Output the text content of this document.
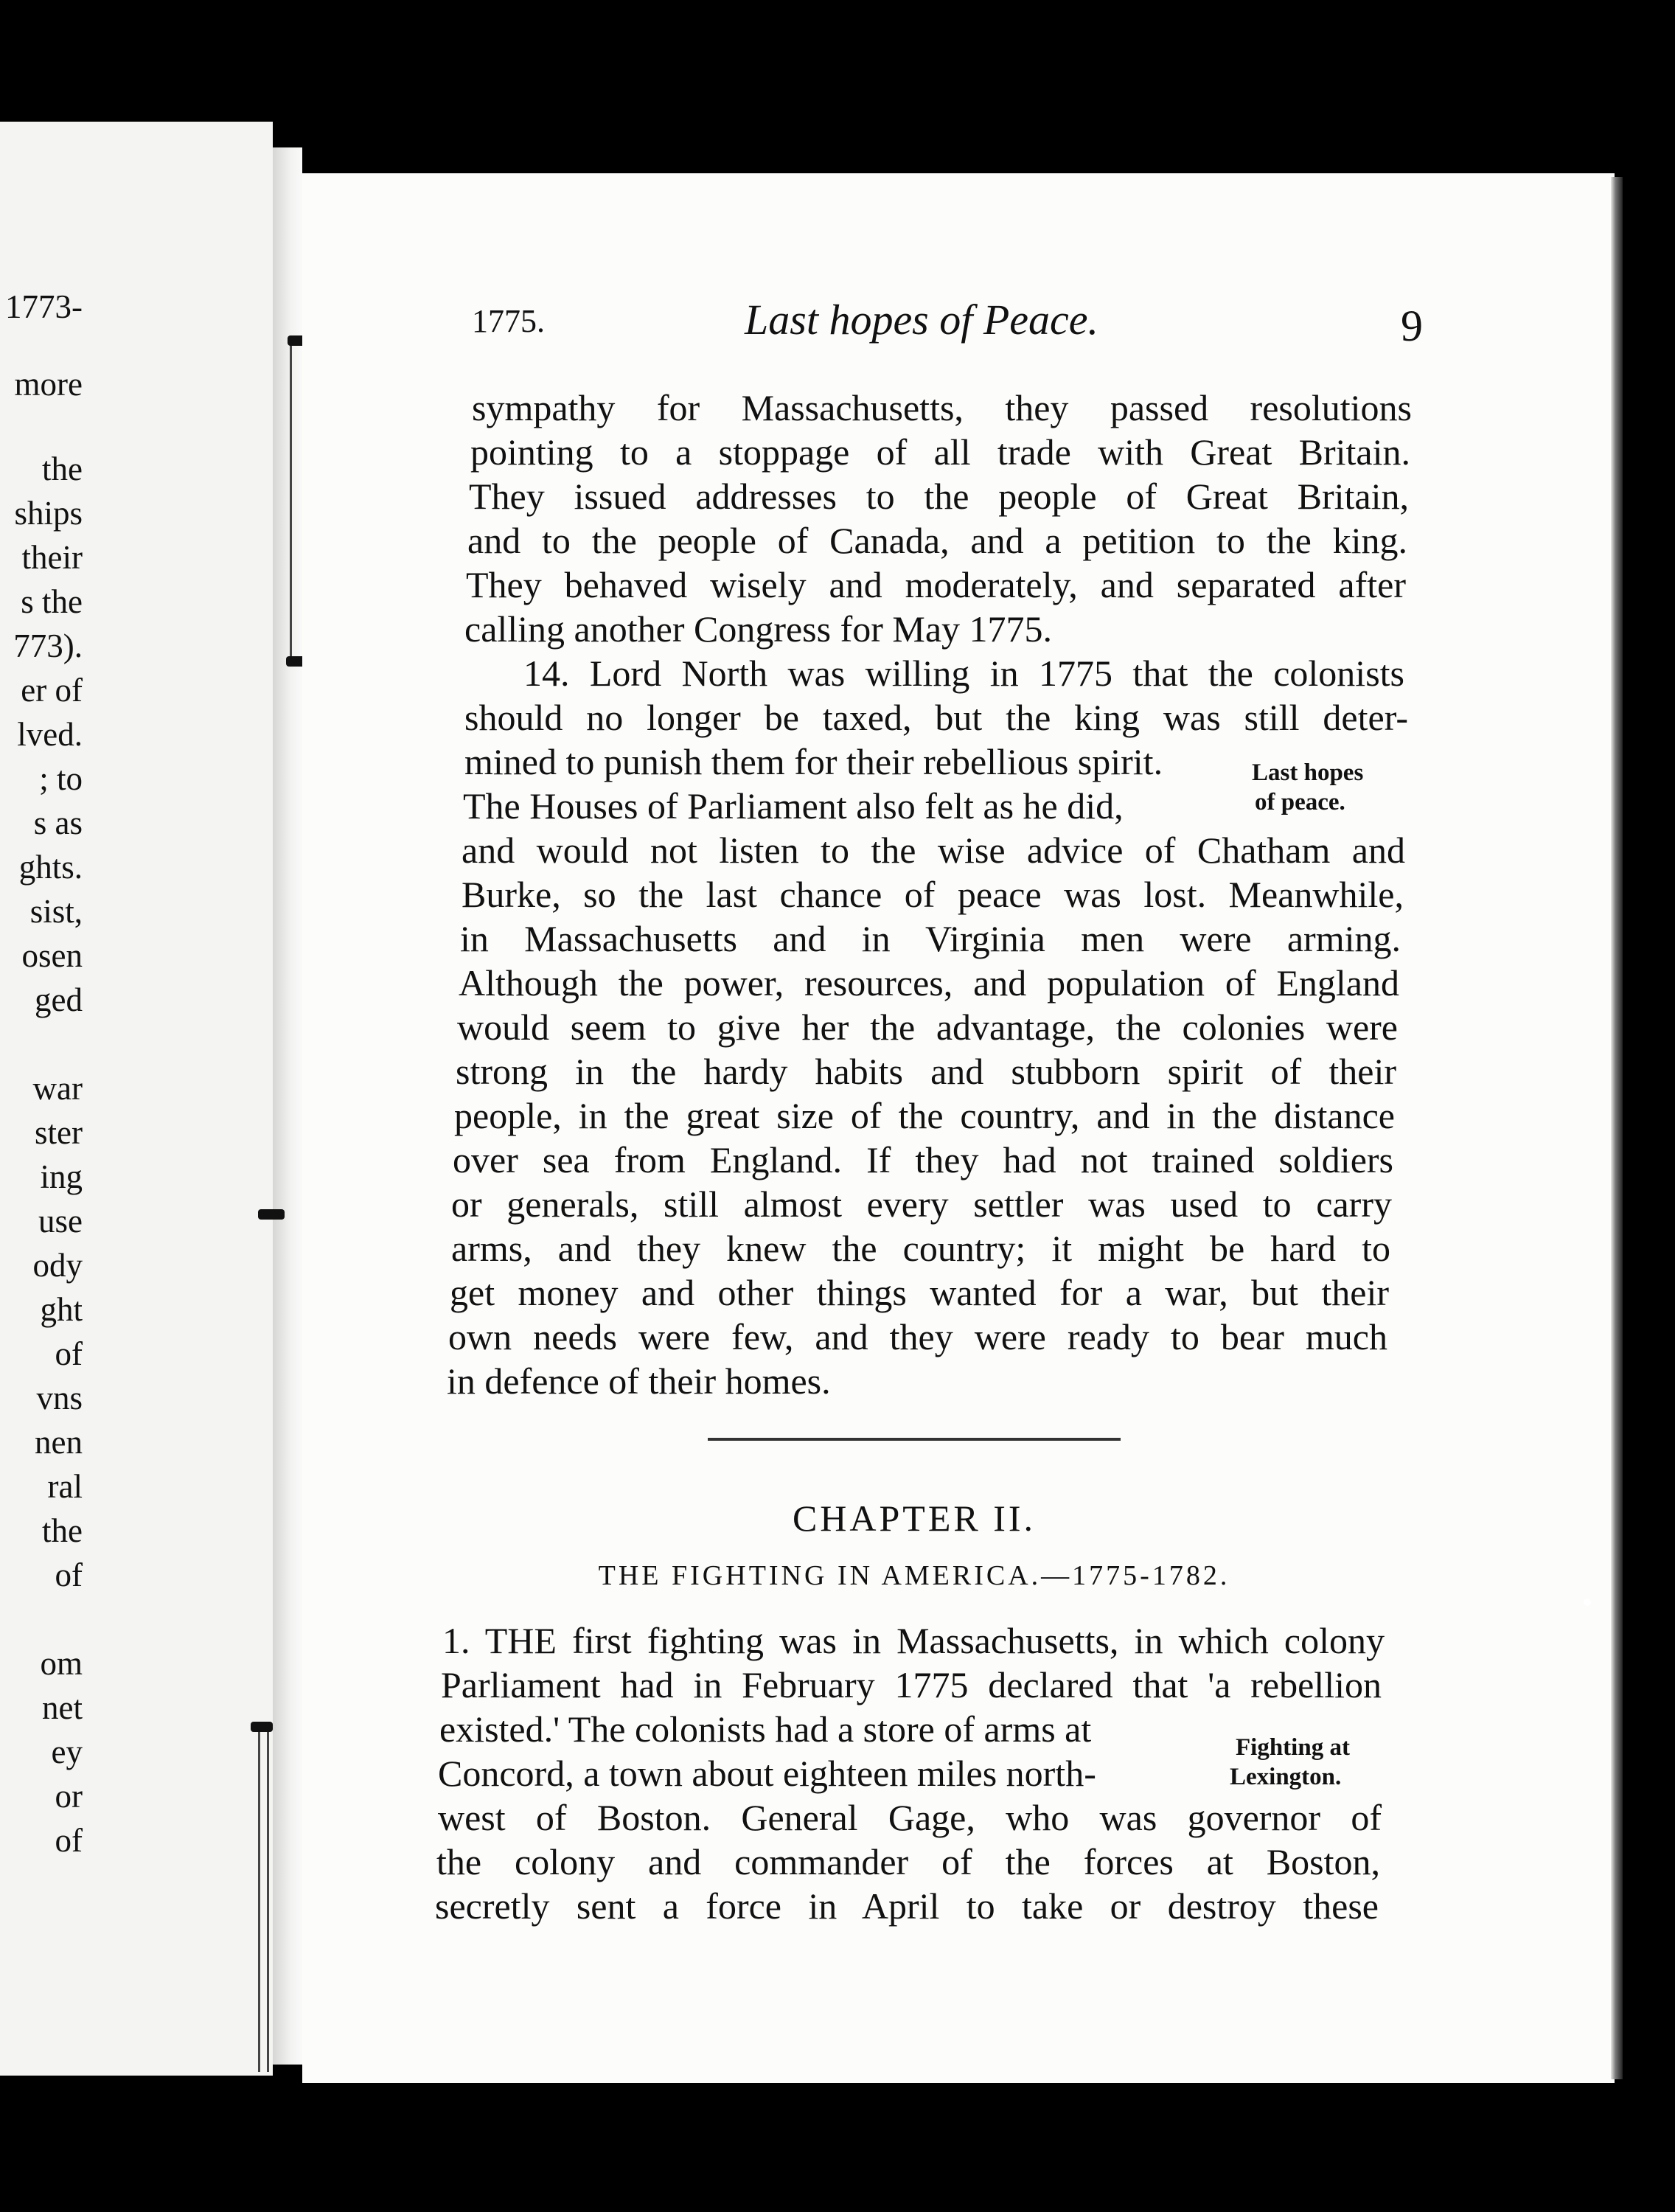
1773-
more
the
ships
their
s the
773).
er of
lved.
; to
s as
ghts.
sist,
osen
ged
war
ster
ing
use
ody
ght
of
vns
nen
ral
the
of
om
net
ey
or
of
1775.	Last hopes of Peace.	9
sympathy for Massachusetts, they passed resolutions
pointing to a stoppage of all trade with Great Britain.
They issued addresses to the people of Great Britain,
and to the people of Canada, and a petition to the king.
They behaved wisely and moderately, and separated after
calling another Congress for May 1775.
14. Lord North was willing in 1775 that the colonists
should no longer be taxed, but the king was still deter-
mined to punish them for their rebellious spirit.
The Houses of Parliament also felt as he did,
and would not listen to the wise advice of Chatham and
Burke, so the last chance of peace was lost. Meanwhile,
in Massachusetts and in Virginia men were arming.
Although the power, resources, and population of England
would seem to give her the advantage, the colonies were
strong in the hardy habits and stubborn spirit of their
people, in the great size of the country, and in the distance
over sea from England. If they had not trained soldiers
or generals, still almost every settler was used to carry
arms, and they knew the country; it might be hard to
get money and other things wanted for a war, but their
own needs were few, and they were ready to bear much
in defence of their homes.
Last hopes
of peace.
CHAPTER II.
THE FIGHTING IN AMERICA.—1775-1782.
1. THE first fighting was in Massachusetts, in which colony
Parliament had in February 1775 declared that 'a rebellion
existed.' The colonists had a store of arms at
Concord, a town about eighteen miles north-
west of Boston. General Gage, who was governor of
the colony and commander of the forces at Boston,
secretly sent a force in April to take or destroy these
Fighting at
Lexington.
